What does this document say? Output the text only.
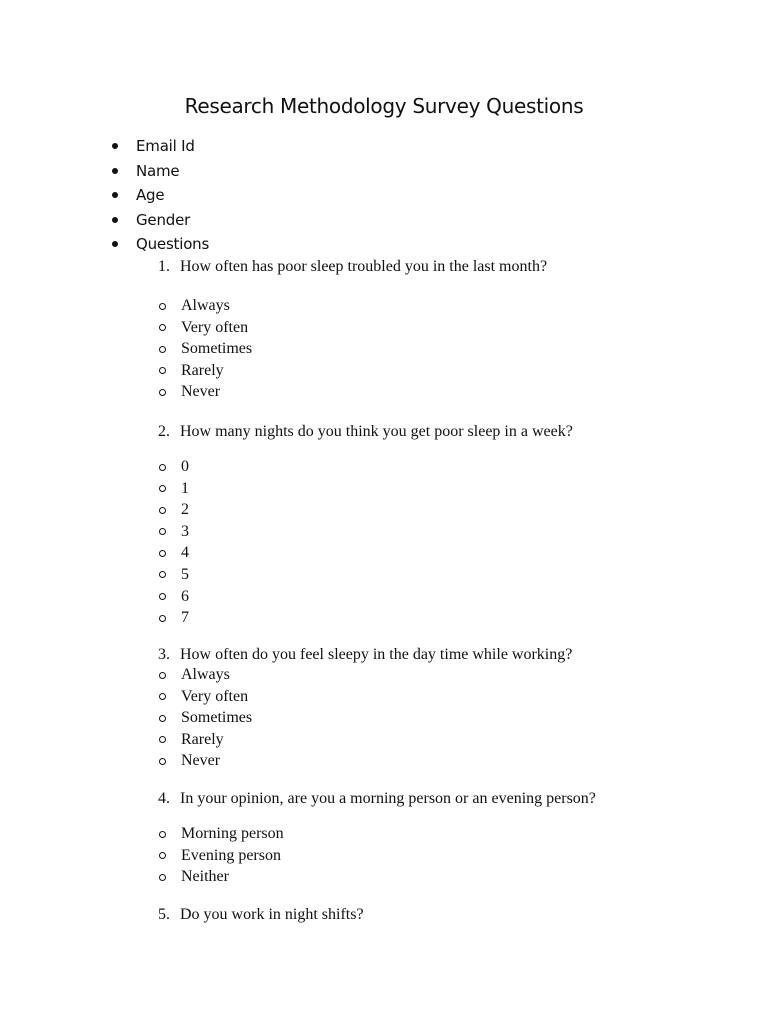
Research Methodology Survey Questions
Email Id
Name
Age
Gender
Questions
1. How often has poor sleep troubled you in the last month?
Always
Very often
Sometimes
Rarely
Never
2. How many nights do you think you get poor sleep in a week?
0
1
2
3
4
5
6
7
3. How often do you feel sleepy in the day time while working?
Always
Very often
Sometimes
Rarely
Never
4. In your opinion, are you a morning person or an evening person?
Morning person
Evening person
Neither
5. Do you work in night shifts?
